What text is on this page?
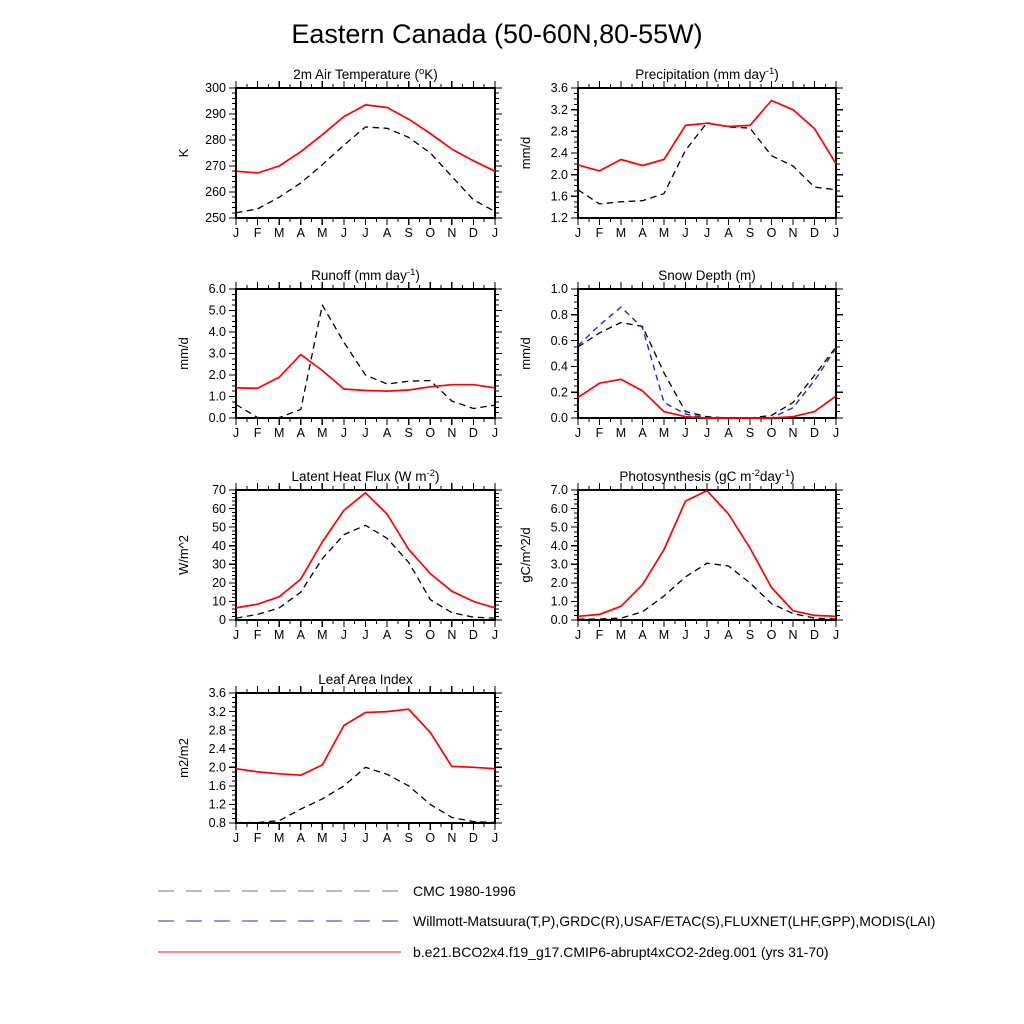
Eastern Canada (50-60N,80-55W)
250
260
270
280
290
300
J F M A M J J A S O N D J
K
2m Air Temperature ($^o$K)
1.2
1.6
2.0
2.4
2.8
3.2
3.6
J F M A M J J A S O N D J
mm/d
Precipitation (mm day$^{-1}$)
0.0
1.0
2.0
3.0
4.0
5.0
6.0
J F M A M J J A S O N D J
mm/d
Runoff (mm day$^{-1}$)
0.0
0.2
0.4
0.6
0.8
1.0
J F M A M J J A S O N D J
mm/d
Snow Depth (m)
0
10
20
30
40
50
60
70
J F M A M J J A S O N D J
W/m^2
Latent Heat Flux (W $m^{-2}$)
0.0
1.0
2.0
3.0
4.0
5.0
6.0
7.0
J F M A M J J A S O N D J
gC/m^2/d
Photosynthesis (gC $m^{-2}day^{-1}$)
0.8
1.2
1.6
2.0
2.4
2.8
3.2
3.6
J F M A M J J A S O N D J
m2/m2
Leaf Area Index
CMC 1980-1996
Willmott-Matsuura(T,P),GRDC(R),USAF/ETAC(S),FLUXNET(LHF,GPP),MODIS(LAI)
b.e21.BCO2x4.f19_g17.CMIP6-abrupt4xCO2-2deg.001 (yrs 31-70)
